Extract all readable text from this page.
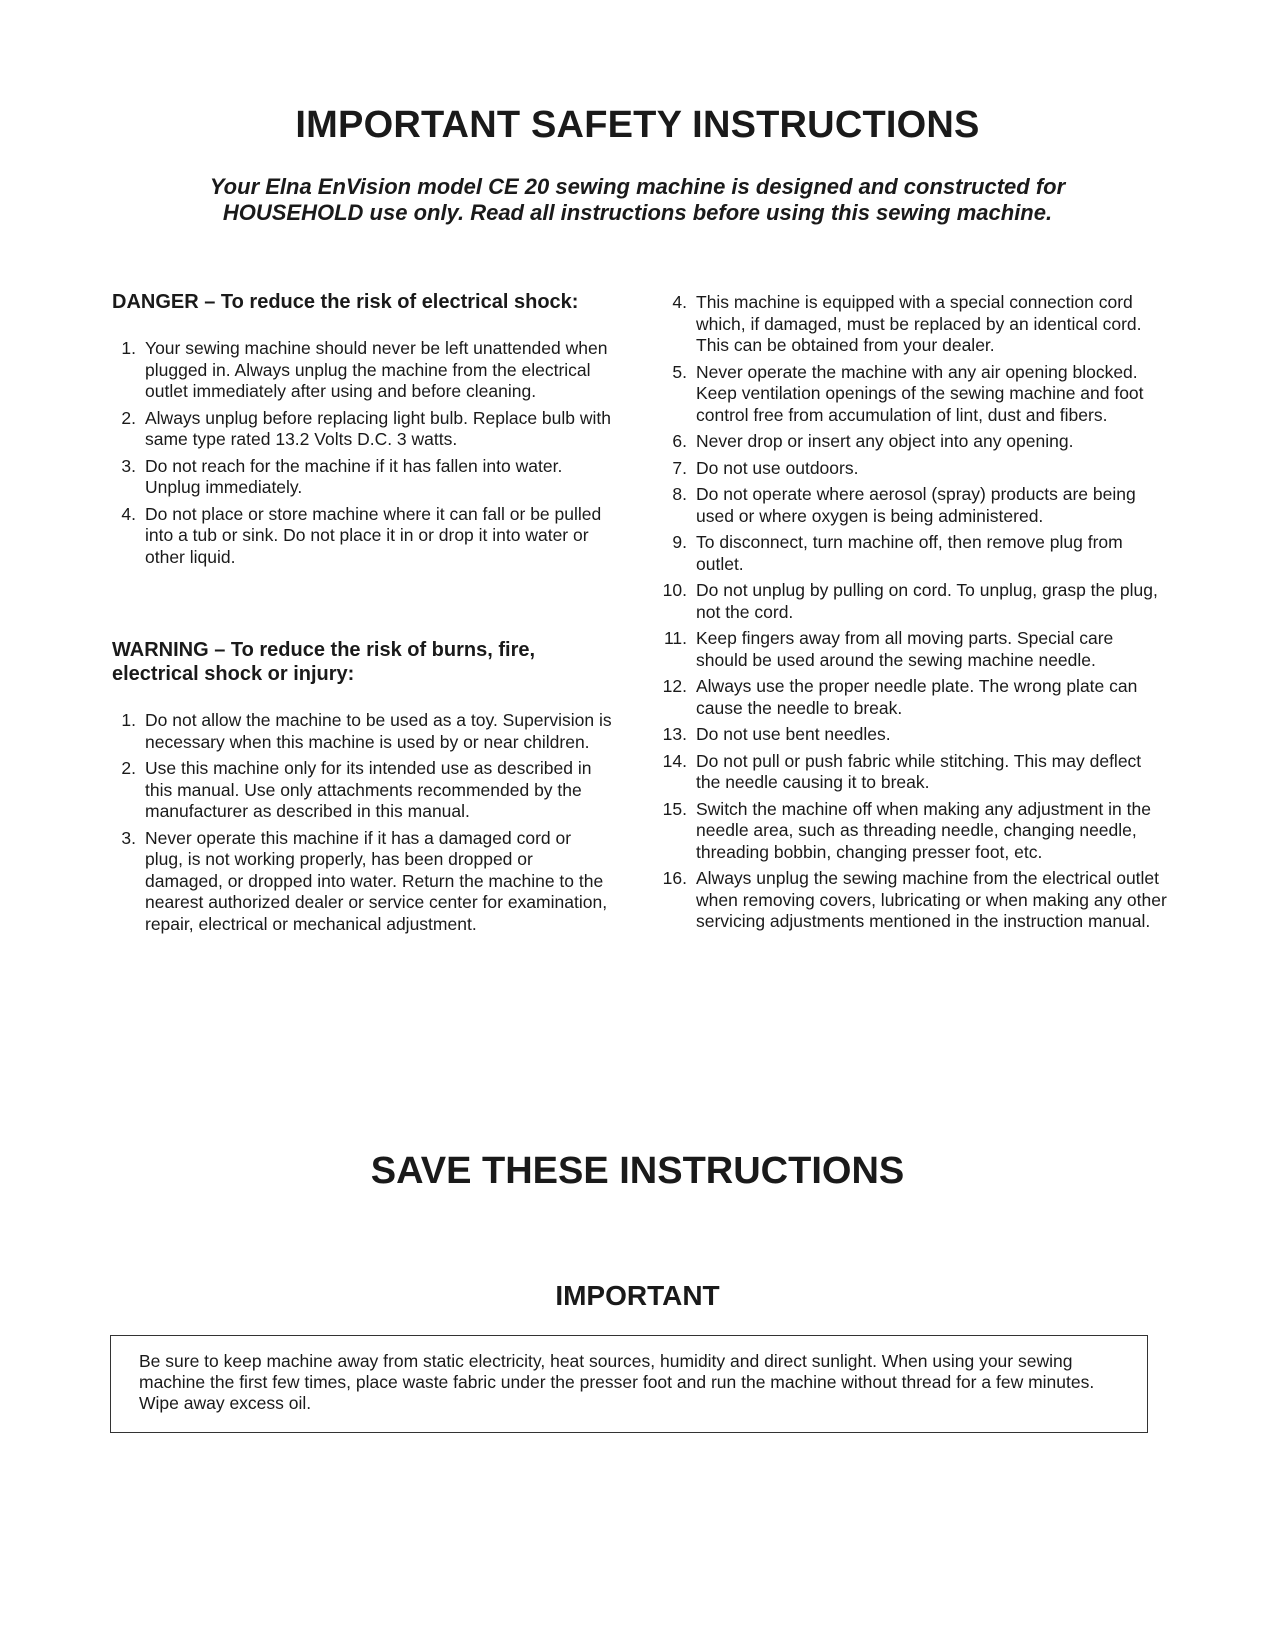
IMPORTANT SAFETY INSTRUCTIONS

Your Elna EnVision model CE 20 sewing machine is designed and constructed for
HOUSEHOLD use only. Read all instructions before using this sewing machine.

DANGER – To reduce the risk of electrical shock:
1. Your sewing machine should never be left unattended when plugged in. Always unplug the machine from the electrical outlet immediately after using and before cleaning.
2. Always unplug before replacing light bulb. Replace bulb with same type rated 13.2 Volts D.C. 3 watts.
3. Do not reach for the machine if it has fallen into water. Unplug immediately.
4. Do not place or store machine where it can fall or be pulled into a tub or sink. Do not place it in or drop it into water or other liquid.
WARNING – To reduce the risk of burns, fire, electrical shock or injury:
1. Do not allow the machine to be used as a toy. Supervision is necessary when this machine is used by or near children.
2. Use this machine only for its intended use as described in this manual. Use only attachments recommended by the manufacturer as described in this manual.
3. Never operate this machine if it has a damaged cord or plug, is not working properly, has been dropped or damaged, or dropped into water. Return the machine to the nearest authorized dealer or service center for examination, repair, electrical or mechanical adjustment.
4. This machine is equipped with a special connection cord which, if damaged, must be replaced by an identical cord. This can be obtained from your dealer.
5. Never operate the machine with any air opening blocked. Keep ventilation openings of the sewing machine and foot control free from accumulation of lint, dust and fibers.
6. Never drop or insert any object into any opening.
7. Do not use outdoors.
8. Do not operate where aerosol (spray) products are being used or where oxygen is being administered.
9. To disconnect, turn machine off, then remove plug from outlet.
10. Do not unplug by pulling on cord. To unplug, grasp the plug, not the cord.
11. Keep fingers away from all moving parts. Special care should be used around the sewing machine needle.
12. Always use the proper needle plate. The wrong plate can cause the needle to break.
13. Do not use bent needles.
14. Do not pull or push fabric while stitching. This may deflect the needle causing it to break.
15. Switch the machine off when making any adjustment in the needle area, such as threading needle, changing needle, threading bobbin, changing presser foot, etc.
16. Always unplug the sewing machine from the electrical outlet when removing covers, lubricating or when making any other servicing adjustments mentioned in the instruction manual.
SAVE THESE INSTRUCTIONS
IMPORTANT
Be sure to keep machine away from static electricity, heat sources, humidity and direct sunlight. When using your sewing machine the first few times, place waste fabric under the presser foot and run the machine without thread for a few minutes. Wipe away excess oil.
